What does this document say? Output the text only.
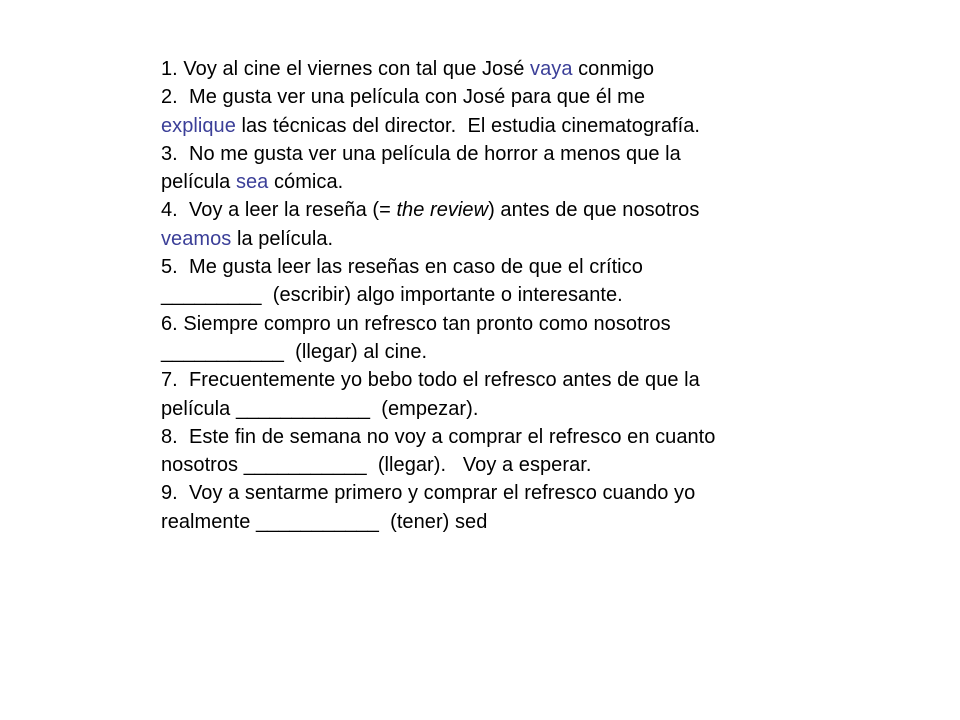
1. Voy al cine el viernes con tal que José vaya conmigo
2.  Me gusta ver una película con José para que él me
explique las técnicas del director.  El estudia cinematografía.
3.  No me gusta ver una película de horror a menos que la
película sea cómica.
4.  Voy a leer la reseña (= the review) antes de que nosotros
veamos la película.
5.  Me gusta leer las reseñas en caso de que el crítico
_________  (escribir) algo importante o interesante.
6. Siempre compro un refresco tan pronto como nosotros
___________  (llegar) al cine.
7.  Frecuentemente yo bebo todo el refresco antes de que la
película ____________  (empezar).
8.  Este fin de semana no voy a comprar el refresco en cuanto
nosotros ___________  (llegar).   Voy a esperar.
9.  Voy a sentarme primero y comprar el refresco cuando yo
realmente ___________  (tener) sed
